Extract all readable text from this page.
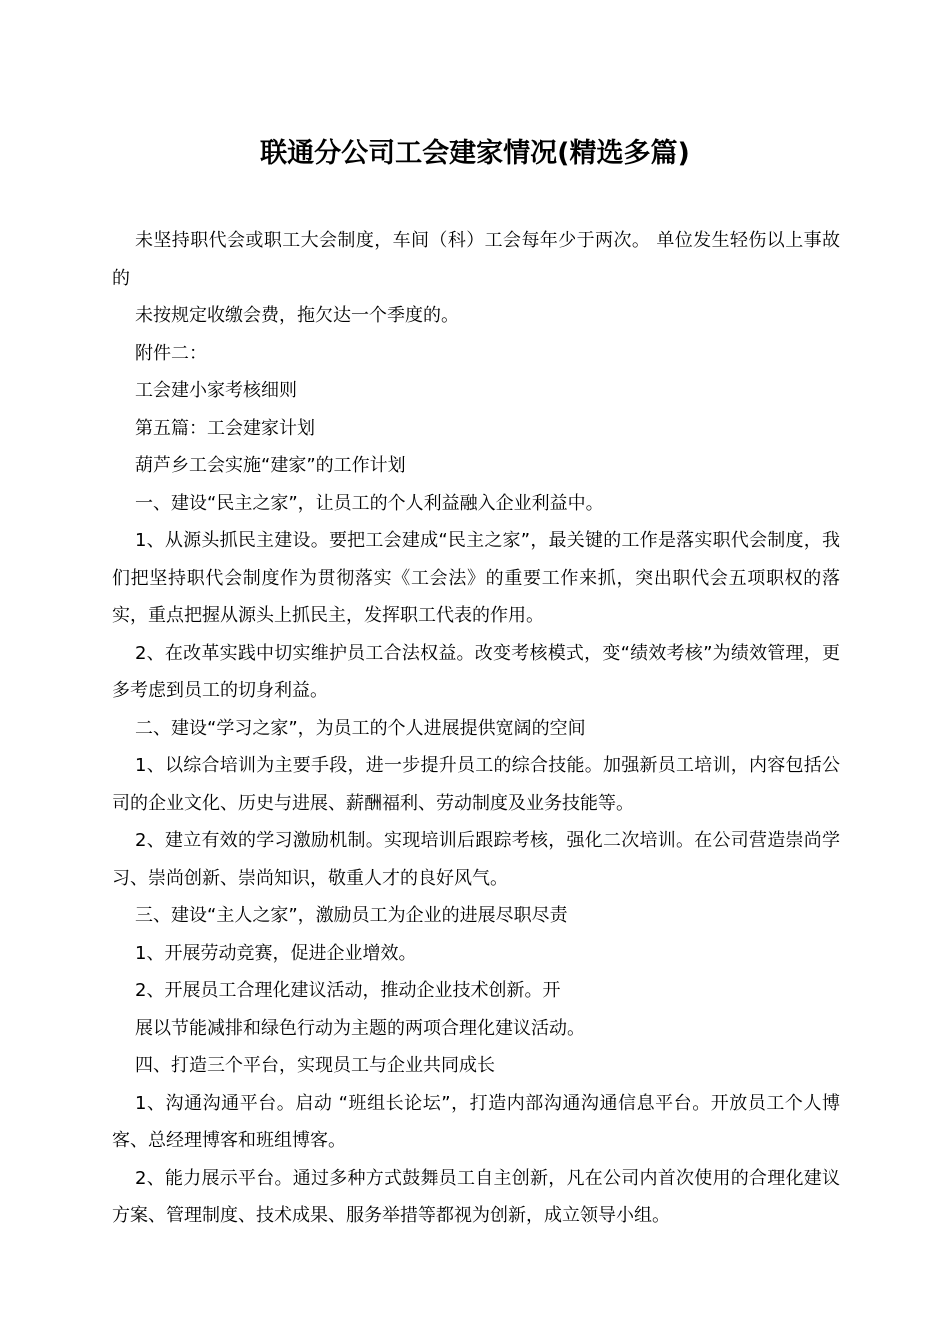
联通分公司工会建家情况(精选多篇)

未坚持职代会或职工大会制度，车间（科）工会每年少于两次。 单位发生轻伤以上事故的

未按规定收缴会费，拖欠达一个季度的。

附件二：

工会建小家考核细则

第五篇：工会建家计划

葫芦乡工会实施“建家”的工作计划

一、建设“民主之家”，让员工的个人利益融入企业利益中。

1、从源头抓民主建设。要把工会建成“民主之家”，最关键的工作是落实职代会制度，我们把坚持职代会制度作为贯彻落实《工会法》的重要工作来抓，突出职代会五项职权的落实，重点把握从源头上抓民主，发挥职工代表的作用。

2、在改革实践中切实维护员工合法权益。改变考核模式，变“绩效考核”为绩效管理，更多考虑到员工的切身利益。

二、建设“学习之家”，为员工的个人进展提供宽阔的空间

1、以综合培训为主要手段，进一步提升员工的综合技能。加强新员工培训，内容包括公司的企业文化、历史与进展、薪酬福利、劳动制度及业务技能等。

2、建立有效的学习激励机制。实现培训后跟踪考核，强化二次培训。在公司营造崇尚学习、崇尚创新、崇尚知识，敬重人才的良好风气。

三、建设“主人之家”，激励员工为企业的进展尽职尽责

1、开展劳动竞赛，促进企业增效。

2、开展员工合理化建议活动，推动企业技术创新。开

展以节能减排和绿色行动为主题的两项合理化建议活动。

四、打造三个平台，实现员工与企业共同成长

1、沟通沟通平台。启动 “班组长论坛”，打造内部沟通沟通信息平台。开放员工个人博客、总经理博客和班组博客。

2、能力展示平台。通过多种方式鼓舞员工自主创新，凡在公司内首次使用的合理化建议方案、管理制度、技术成果、服务举措等都视为创新，成立领导小组。
